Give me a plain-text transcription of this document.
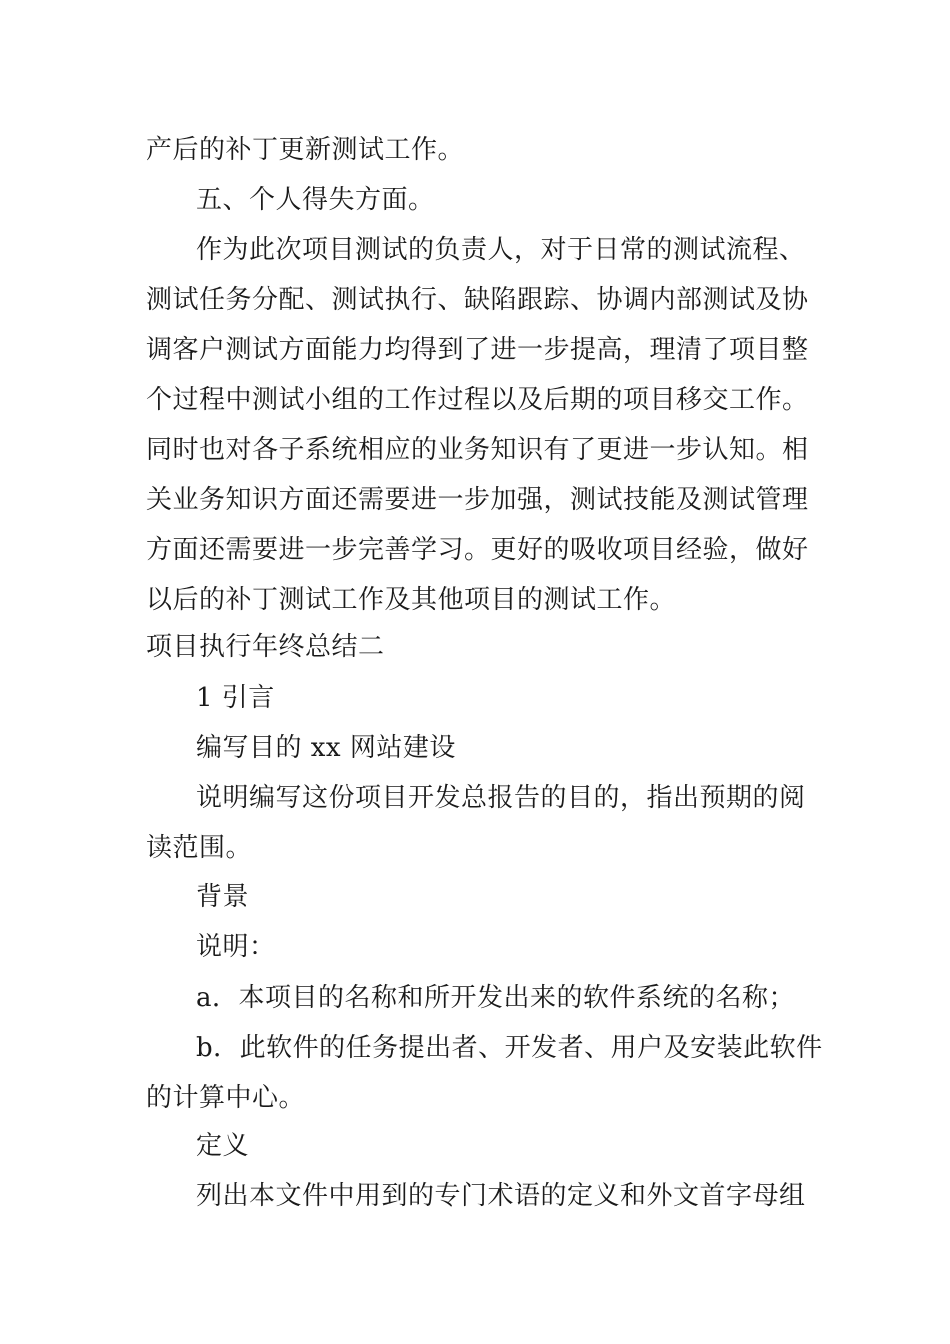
产后的补丁更新测试工作。
五、个人得失方面。
作为此次项目测试的负责人，对于日常的测试流程、
测试任务分配、测试执行、缺陷跟踪、协调内部测试及协
调客户测试方面能力均得到了进一步提高，理清了项目整
个过程中测试小组的工作过程以及后期的项目移交工作。
同时也对各子系统相应的业务知识有了更进一步认知。相
关业务知识方面还需要进一步加强，测试技能及测试管理
方面还需要进一步完善学习。更好的吸收项目经验，做好
以后的补丁测试工作及其他项目的测试工作。
项目执行年终总结二
1 引言
编写目的 xx 网站建设
说明编写这份项目开发总报告的目的，指出预期的阅
读范围。
背景
说明：
a．本项目的名称和所开发出来的软件系统的名称；
b．此软件的任务提出者、开发者、用户及安装此软件
的计算中心。
定义
列出本文件中用到的专门术语的定义和外文首字母组
